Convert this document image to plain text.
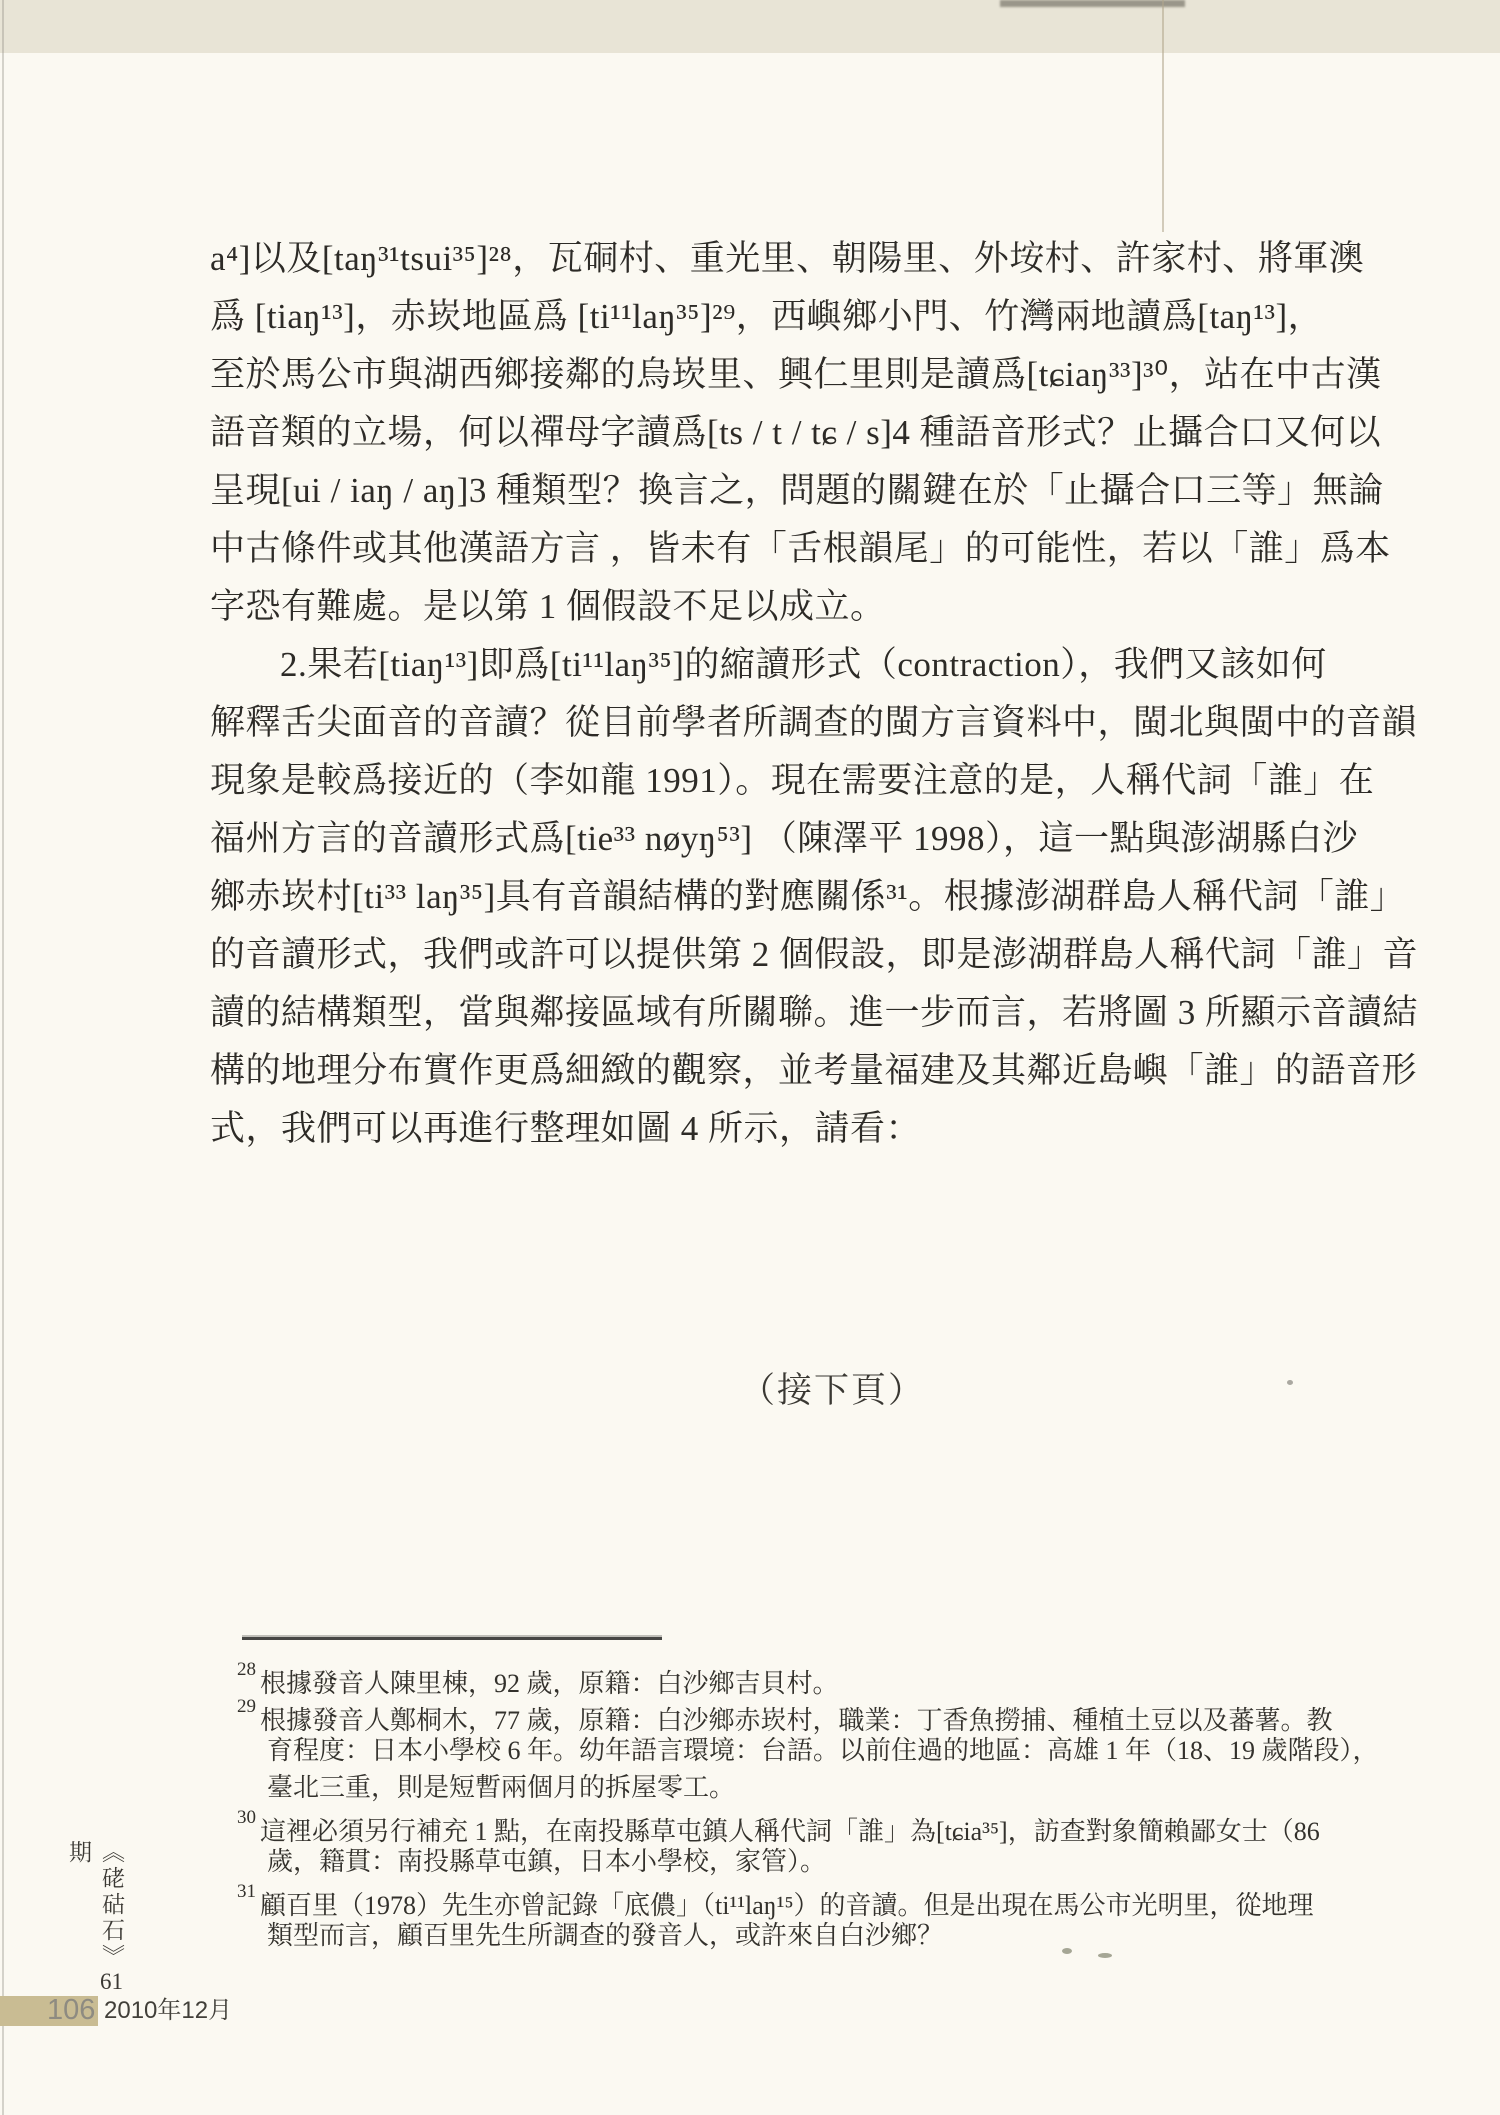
a⁴]以及[taŋ³¹tsui³⁵]²⁸，瓦硐村、重光里、朝陽里、外垵村、許家村、將軍澳
爲 [tiaŋ¹³]，赤崁地區爲 [ti¹¹laŋ³⁵]²⁹，西嶼鄉小門、竹灣兩地讀爲[taŋ¹³]，
至於馬公市與湖西鄉接鄰的烏崁里、興仁里則是讀爲[tɕiaŋ³³]³⁰，站在中古漢
語音類的立場，何以禪母字讀爲[ts / t / tɕ / s]4 種語音形式？止攝合口又何以
呈現[ui / iaŋ / aŋ]3 種類型？換言之，問題的關鍵在於「止攝合口三等」無論
中古條件或其他漢語方言 ，皆未有「舌根韻尾」的可能性，若以「誰」爲本
字恐有難處。是以第 1 個假設不足以成立。
2.果若[tiaŋ¹³]即爲[ti¹¹laŋ³⁵]的縮讀形式（contraction），我們又該如何
解釋舌尖面音的音讀？從目前學者所調查的閩方言資料中，閩北與閩中的音韻
現象是較爲接近的（李如龍 1991）。現在需要注意的是，人稱代詞「誰」在
福州方言的音讀形式爲[tie³³ nøyŋ⁵³] （陳澤平 1998），這一點與澎湖縣白沙
鄉赤崁村[ti³³ laŋ³⁵]具有音韻結構的對應關係³¹。根據澎湖群島人稱代詞「誰」
的音讀形式，我們或許可以提供第 2 個假設，即是澎湖群島人稱代詞「誰」音
讀的結構類型，當與鄰接區域有所關聯。進一步而言，若將圖 3 所顯示音讀結
構的地理分布實作更爲細緻的觀察，並考量福建及其鄰近島嶼「誰」的語音形
式，我們可以再進行整理如圖 4 所示，請看：
（接下頁）
$^{28}$ 根據發音人陳里棟，92 歲，原籍：白沙鄉吉貝村。
$^{29}$ 根據發音人鄭桐木，77 歲，原籍：白沙鄉赤崁村，職業：丁香魚撈捕、種植土豆以及蕃薯。教
育程度：日本小學校 6 年。幼年語言環境：台語。以前住過的地區：高雄 1 年（18、19 歲階段），
臺北三重，則是短暫兩個月的拆屋零工。
$^{30}$ 這裡必須另行補充 1 點，在南投縣草屯鎮人稱代詞「誰」為[tɕia³⁵]，訪查對象簡賴鄙女士（86
歲，籍貫：南投縣草屯鎮，日本小學校，家管）。
$^{31}$ 顧百里（1978）先生亦曾記錄「底儂」（ti¹¹laŋ¹⁵）的音讀。但是出現在馬公市光明里，從地理
類型而言，顧百里先生所調查的發音人，或許來自白沙鄉？
《硓𥑮石》61期
106 2010年12月
